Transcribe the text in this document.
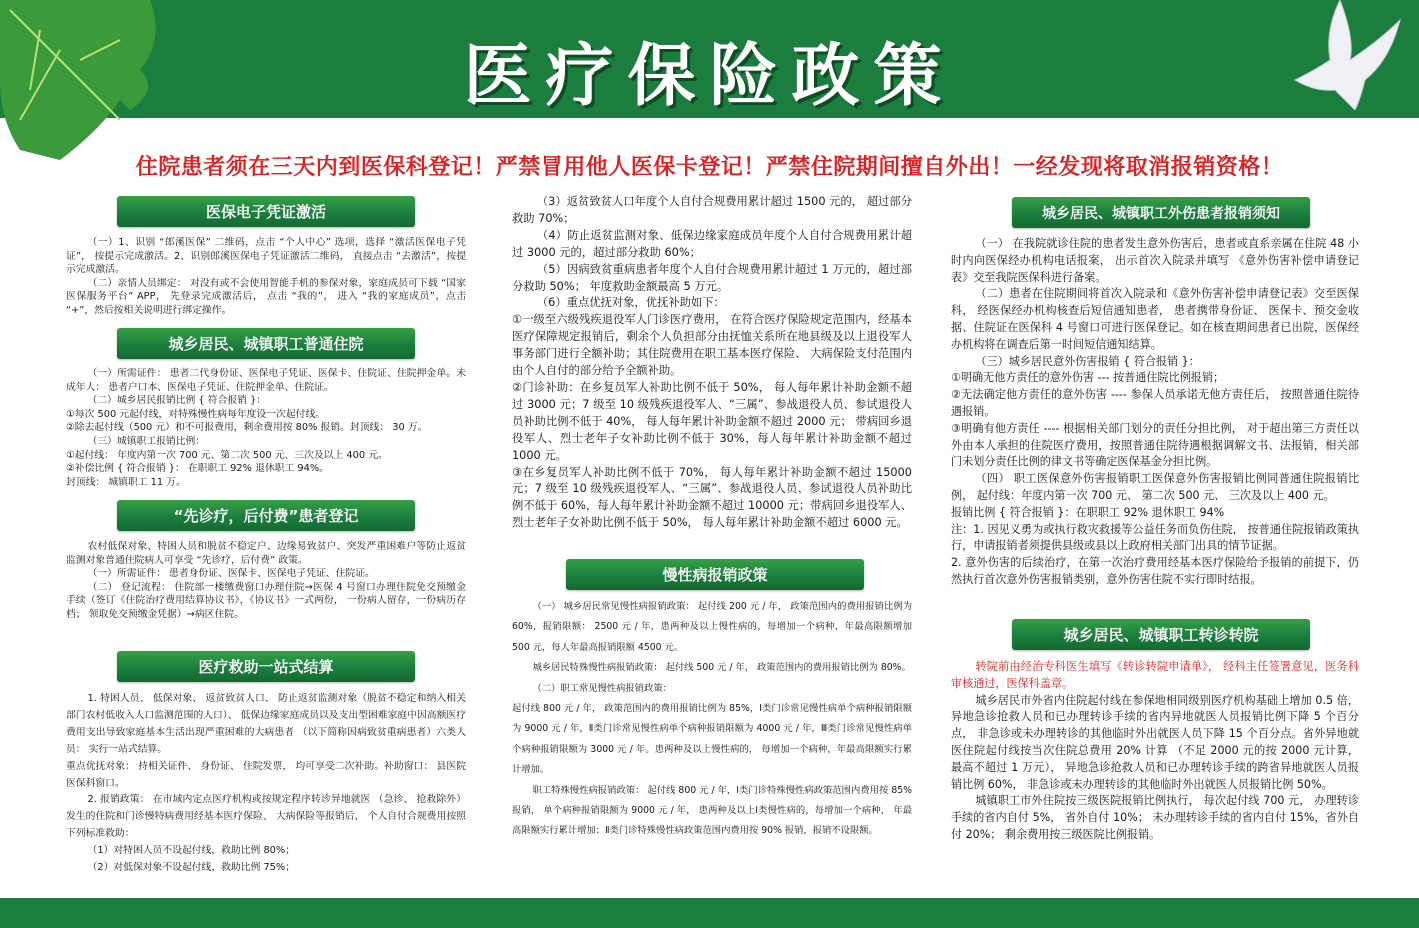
医疗保险政策
住院患者须在三天内到医保科登记！严禁冒用他人医保卡登记！严禁住院期间擅自外出！一经发现将取消报销资格！
医保电子凭证激活

（一）1、识别 “郎溪医保” 二维码，点击 “个人中心” 选项，选择 “激活医保电子凭证”， 按提示完成激活。2、识别郎溪医保电子凭证激活二维码， 直接点击 “去激活”，按提示完成激活。

（二）亲情人员绑定： 对没有或不会使用智能手机的参保对象，家庭成员可下载 “国家医保服务平台” APP， 先登录完成激活后， 点击 “我的”， 进入 “我的家庭成员”，点击 “+”，然后按相关说明进行绑定操作。

城乡居民、城镇职工普通住院

（一）所需证件： 患者二代身份证、医保电子凭证、医保卡、住院证、住院押金单。未成年人： 患者户口本、医保电子凭证、住院押金单、住院证。

（二）城乡居民报销比例 { 符合报销 }：

①每次 500 元起付线，对特殊慢性病每年度设一次起付线。

②除去起付线（500 元）和不可报费用，剩余费用按 80% 报销。封顶线： 30 万。

（三）城镇职工报销比例：

①起付线： 年度内第一次 700 元、第二次 500 元、三次及以上 400 元。

②补偿比例 { 符合报销 }： 在职职工 92% 退休职工 94%。

封顶线： 城镇职工 11 万。

“先诊疗，后付费”患者登记

农村低保对象、特困人员和脱贫不稳定户、边缘易致贫户、突发严重困难户等防止返贫监测对象普通住院病人可享受 “先诊疗，后付费” 政策。

（一）所需证件： 患者身份证、医保卡、医保电子凭证、住院证。

（二） 登记流程： 住院部一楼缴费窗口办理住院→医保 4 号窗口办理住院免交预缴金手续（签订《住院治疗费用结算协议书》，《协议书》一式两份， 一份病人留存，一份病历存档； 领取免交预缴金凭据）→病区住院。

医疗救助一站式结算

1. 特困人员、 低保对象、 返贫致贫人口、 防止返贫监测对象（脱贫不稳定和纳入相关部门农村低收入人口监测范围的人口）、 低保边缘家庭成员以及支出型困难家庭中因高额医疗费用支出导致家庭基本生活出现严重困难的大病患者 （以下简称因病致贫重病患者）六类人员： 实行一站式结算。

重点优抚对象： 持相关证件、 身份证、 住院发票， 均可享受二次补助。补助窗口： 县医院医保科窗口。

2. 报销政策： 在市域内定点医疗机构或按规定程序转诊异地就医 （急诊、 抢救除外）发生的住院和门诊慢特病费用经基本医疗保险、 大病保险等报销后， 个人自付合规费用按照下列标准救助：

（1）对特困人员不设起付线，救助比例 80%；

（2）对低保对象不设起付线，救助比例 75%；

（3）返贫致贫人口年度个人自付合规费用累计超过 1500 元的， 超过部分救助 70%；

（4）防止返贫监测对象、低保边缘家庭成员年度个人自付合规费用累计超过 3000 元的，超过部分救助 60%；

（5）因病致贫重病患者年度个人自付合规费用累计超过 1 万元的，超过部分救助 50%； 年度救助金额最高 5 万元。

（6）重点优抚对象，优抚补助如下：

①一级至六级残疾退役军人门诊医疗费用， 在符合医疗保险规定范围内，经基本医疗保障规定报销后，剩余个人负担部分由抚恤关系所在地县级及以上退役军人事务部门进行全额补助；其住院费用在职工基本医疗保险、 大病保险支付范围内由个人自付的部分给予全额补助。

②门诊补助：在乡复员军人补助比例不低于 50%， 每人每年累计补助金额不超过 3000 元；7 级至 10 级残疾退役军人、“三属”、参战退役人员、参试退役人员补助比例不低于 40%， 每人每年累计补助金额不超过 2000 元； 带病回乡退役军人、烈士老年子女补助比例不低于 30%，每人每年累计补助金额不超过 1000 元。

③在乡复员军人补助比例不低于 70%， 每人每年累计补助金额不超过 15000 元；7 级至 10 级残疾退役军人、“三属”、参战退役人员、参试退役人员补助比例不低于 60%，每人每年累计补助金额不超过 10000 元；带病回乡退役军人、 烈士老年子女补助比例不低于 50%， 每人每年累计补助金额不超过 6000 元。

慢性病报销政策

（一） 城乡居民常见慢性病报销政策： 起付线 200 元 / 年， 政策范围内的费用报销比例为 60%，报销限额： 2500 元 / 年，患两种及以上慢性病的，每增加一个病种，年最高限额增加 500 元，每人年最高报销限额 4500 元。

城乡居民特殊慢性病报销政策： 起付线 500 元 / 年， 政策范围内的费用报销比例为 80%。

（二）职工常见慢性病报销政策：

起付线 800 元 / 年， 政策范围内的费用报销比例为 85%，Ⅰ类门诊常见慢性病单个病种报销限额为 9000 元 / 年，Ⅱ类门诊常见慢性病单个病种报销限额为 4000 元 / 年，Ⅲ类门诊常见慢性病单个病种报销限额为 3000 元 / 年。患两种及以上慢性病的， 每增加一个病种，年最高限额实行累计增加。

职工特殊慢性病报销政策： 起付线 800 元 / 年，Ⅰ类门诊特殊慢性病政策范围内费用按 85% 报销， 单个病种报销限额为 9000 元 / 年， 患两种及以上Ⅰ类慢性病的，每增加一个病种， 年最高限额实行累计增加；Ⅱ类门诊特殊慢性病政策范围内费用按 90% 报销，报销不设限额。

城乡居民、城镇职工外伤患者报销须知

（一） 在我院就诊住院的患者发生意外伤害后，患者或直系亲属在住院 48 小时内向医保经办机构电话报案， 出示首次入院录并填写 《意外伤害补偿申请登记表》交至我院医保科进行备案。

（二）患者在住院期间将首次入院录和《意外伤害补偿申请登记表》交至医保科， 经医保经办机构核查后短信通知患者， 患者携带身份证、 医保卡、预交金收据、住院证在医保科 4 号窗口可进行医保登记。如在核查期间患者已出院，医保经办机构将在调查后第一时间短信通知结算。

（三）城乡居民意外伤害报销 { 符合报销 }：

①明确无他方责任的意外伤害 --- 按普通住院比例报销；

②无法确定他方责任的意外伤害 ---- 参保人员承诺无他方责任后， 按照普通住院待遇报销。

③明确有他方责任 ---- 根据相关部门划分的责任分担比例， 对于超出第三方责任以外由本人承担的住院医疗费用，按照普通住院待遇根据调解文书、法报销，相关部门未划分责任比例的律文书等确定医保基金分担比例。

（四） 职工医保意外伤害报销职工医保意外伤害报销比例同普通住院报销比例， 起付线：年度内第一次 700 元、 第二次 500 元、 三次及以上 400 元。

报销比例 { 符合报销 }：在职职工 92% 退休职工 94%

注：1. 因见义勇为或执行救灾救援等公益任务而负伤住院， 按普通住院报销政策执行，申请报销者须提供县级或县以上政府相关部门出具的情节证据。

2. 意外伤害的后续治疗，在第一次治疗费用经基本医疗保险给予报销的前提下，仍然执行首次意外伤害报销类别，意外伤害住院不实行即时结报。

城乡居民、城镇职工转诊转院

转院前由经治专科医生填写《转诊转院申请单》， 经科主任签署意见，医务科审核通过，医保科盖章。

城乡居民市外省内住院起付线在参保地相同级别医疗机构基础上增加 0.5 倍， 异地急诊抢救人员和已办理转诊手续的省内异地就医人员报销比例下降 5 个百分点， 非急诊或未办理转诊的其他临时外出就医人员下降 15 个百分点。省外异地就医住院起付线按当次住院总费用 20% 计算 （不足 2000 元的按 2000 元计算， 最高不超过 1 万元）， 异地急诊抢救人员和已办理转诊手续的跨省异地就医人员报销比例 60%， 非急诊或未办理转诊的其他临时外出就医人员报销比例 50%。

城镇职工市外住院按三级医院报销比例执行， 每次起付线 700 元， 办理转诊手续的省内自付 5%， 省外自付 10%； 未办理转诊手续的省内自付 15%，省外自付 20%； 剩余费用按三级医院比例报销。
